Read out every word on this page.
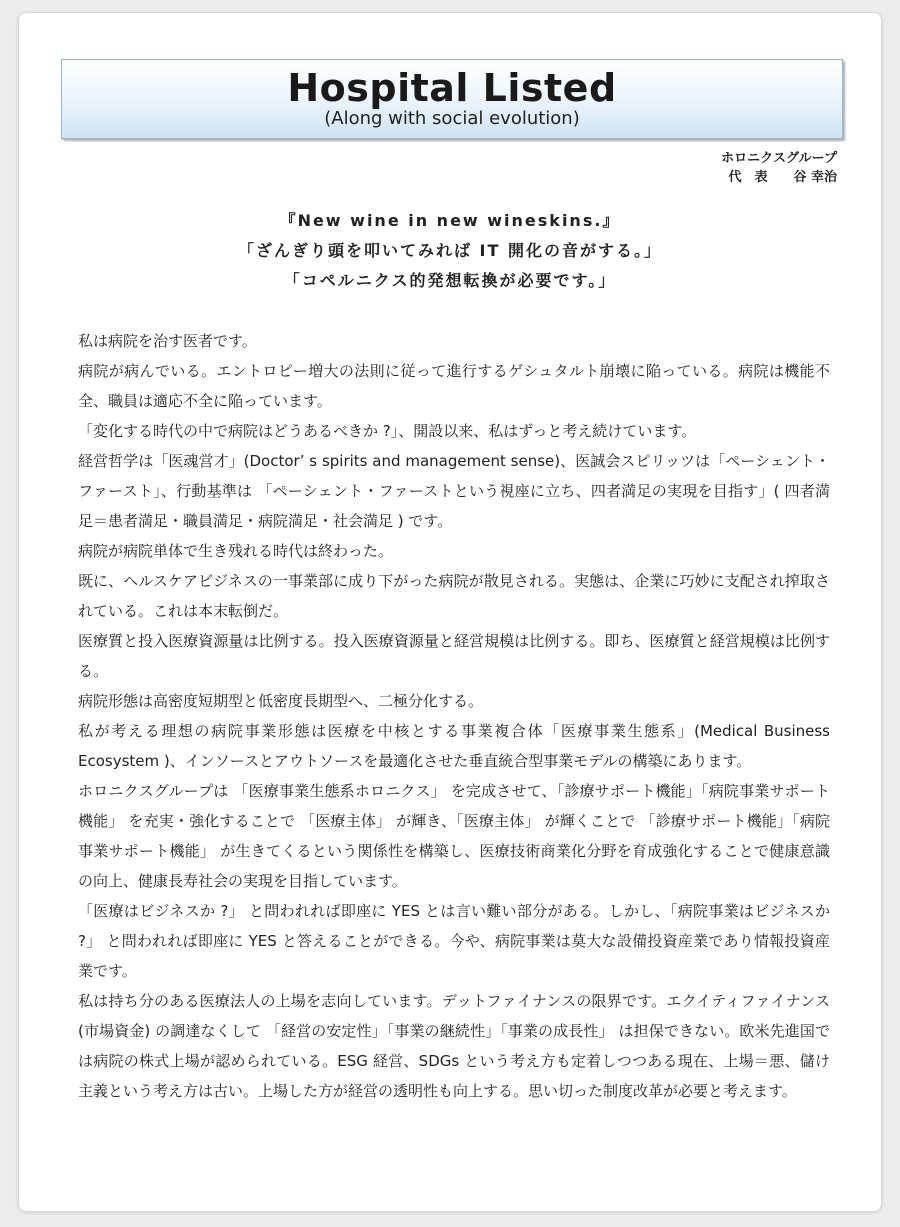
Hospital Listed
(Along with social evolution)
ホロニクスグループ
代　表　　谷 幸治
『New wine in new wineskins.』
「ざんぎり頭を叩いてみれば IT 開化の音がする。」
「コペルニクス的発想転換が必要です。」

私は病院を治す医者です。

病院が病んでいる。エントロピー増大の法則に従って進行するゲシュタルト崩壊に陥っている。病院は機能不全、職員は適応不全に陥っています。

「変化する時代の中で病院はどうあるべきか ?」、開設以来、私はずっと考え続けています。

経営哲学は「医魂営才」(Doctor’ s spirits and management sense)、医誠会スピリッツは「ペーシェント・ファースト」、行動基準は 「ペーシェント・ファーストという視座に立ち、四者満足の実現を目指す」( 四者満足＝患者満足・職員満足・病院満足・社会満足 ) です。

病院が病院単体で生き残れる時代は終わった。

既に、ヘルスケアビジネスの一事業部に成り下がった病院が散見される。実態は、企業に巧妙に支配され搾取されている。これは本末転倒だ。

医療質と投入医療資源量は比例する。投入医療資源量と経営規模は比例する。即ち、医療質と経営規模は比例する。

病院形態は高密度短期型と低密度長期型へ、二極分化する。

私が考える理想の病院事業形態は医療を中核とする事業複合体「医療事業生態系」(Medical Business Ecosystem )、インソースとアウトソースを最適化させた垂直統合型事業モデルの構築にあります。

ホロニクスグループは 「医療事業生態系ホロニクス」 を完成させて、「診療サポート機能」「病院事業サポート機能」 を充実・強化することで 「医療主体」 が輝き、「医療主体」 が輝くことで 「診療サポート機能」「病院事業サポート機能」 が生きてくるという関係性を構築し、医療技術商業化分野を育成強化することで健康意識の向上、健康長寿社会の実現を目指しています。

「医療はビジネスか ?」 と問われれば即座に YES とは言い難い部分がある。しかし、「病院事業はビジネスか ?」 と問われれば即座に YES と答えることができる。今や、病院事業は莫大な設備投資産業であり情報投資産業です。

私は持ち分のある医療法人の上場を志向しています。デットファイナンスの限界です。エクイティファイナンス (市場資金) の調達なくして 「経営の安定性」「事業の継続性」「事業の成長性」 は担保できない。欧米先進国では病院の株式上場が認められている。ESG 経営、SDGs という考え方も定着しつつある現在、上場＝悪、儲け主義という考え方は古い。上場した方が経営の透明性も向上する。思い切った制度改革が必要と考えます。
